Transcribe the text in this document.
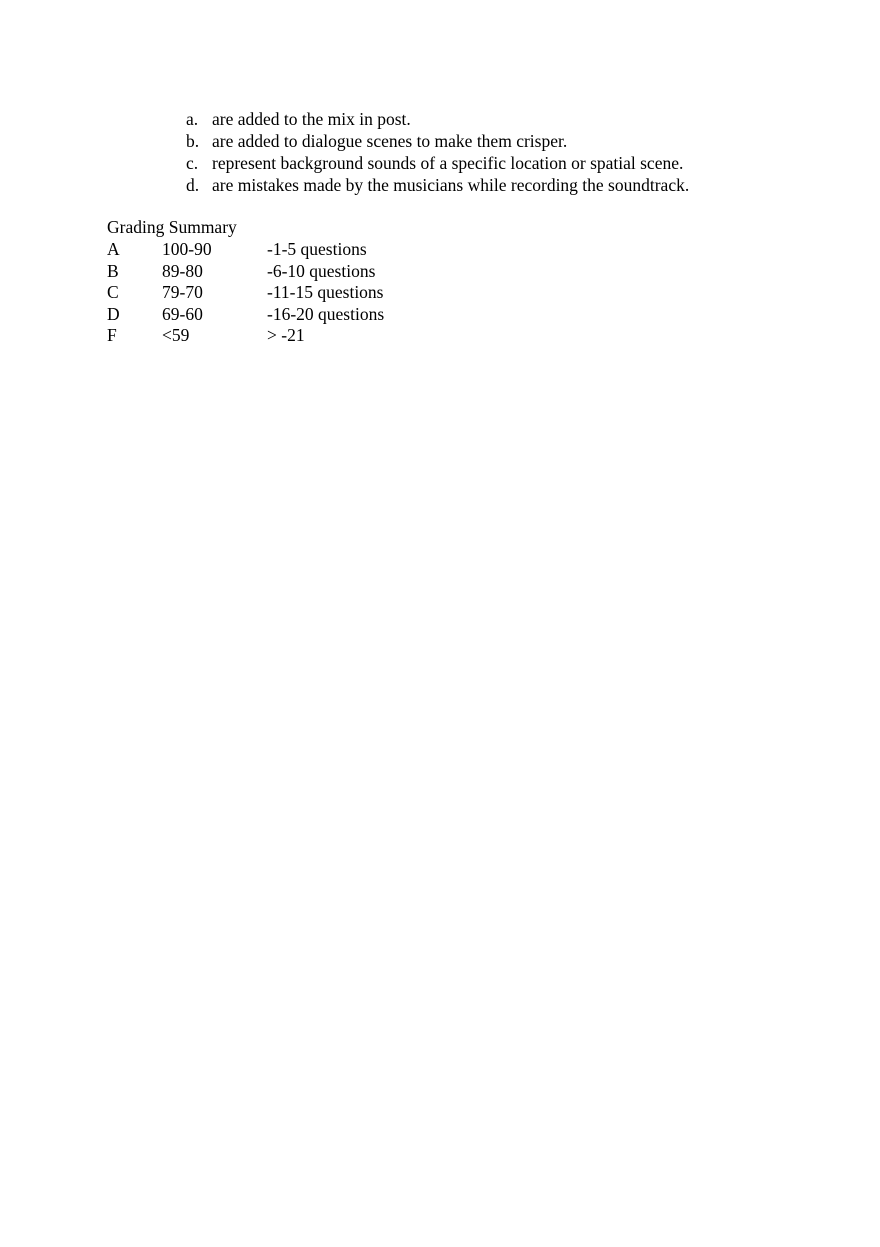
a. are added to the mix in post.
b. are added to dialogue scenes to make them crisper.
c. represent background sounds of a specific location or spatial scene.
d. are mistakes made by the musicians while recording the soundtrack.
Grading Summary
A 100-90	-1-5 questions
B 89-80	-6-10 questions
C 79-70	-11-15 questions
D 69-60	-16-20 questions
F	<59	> -21
